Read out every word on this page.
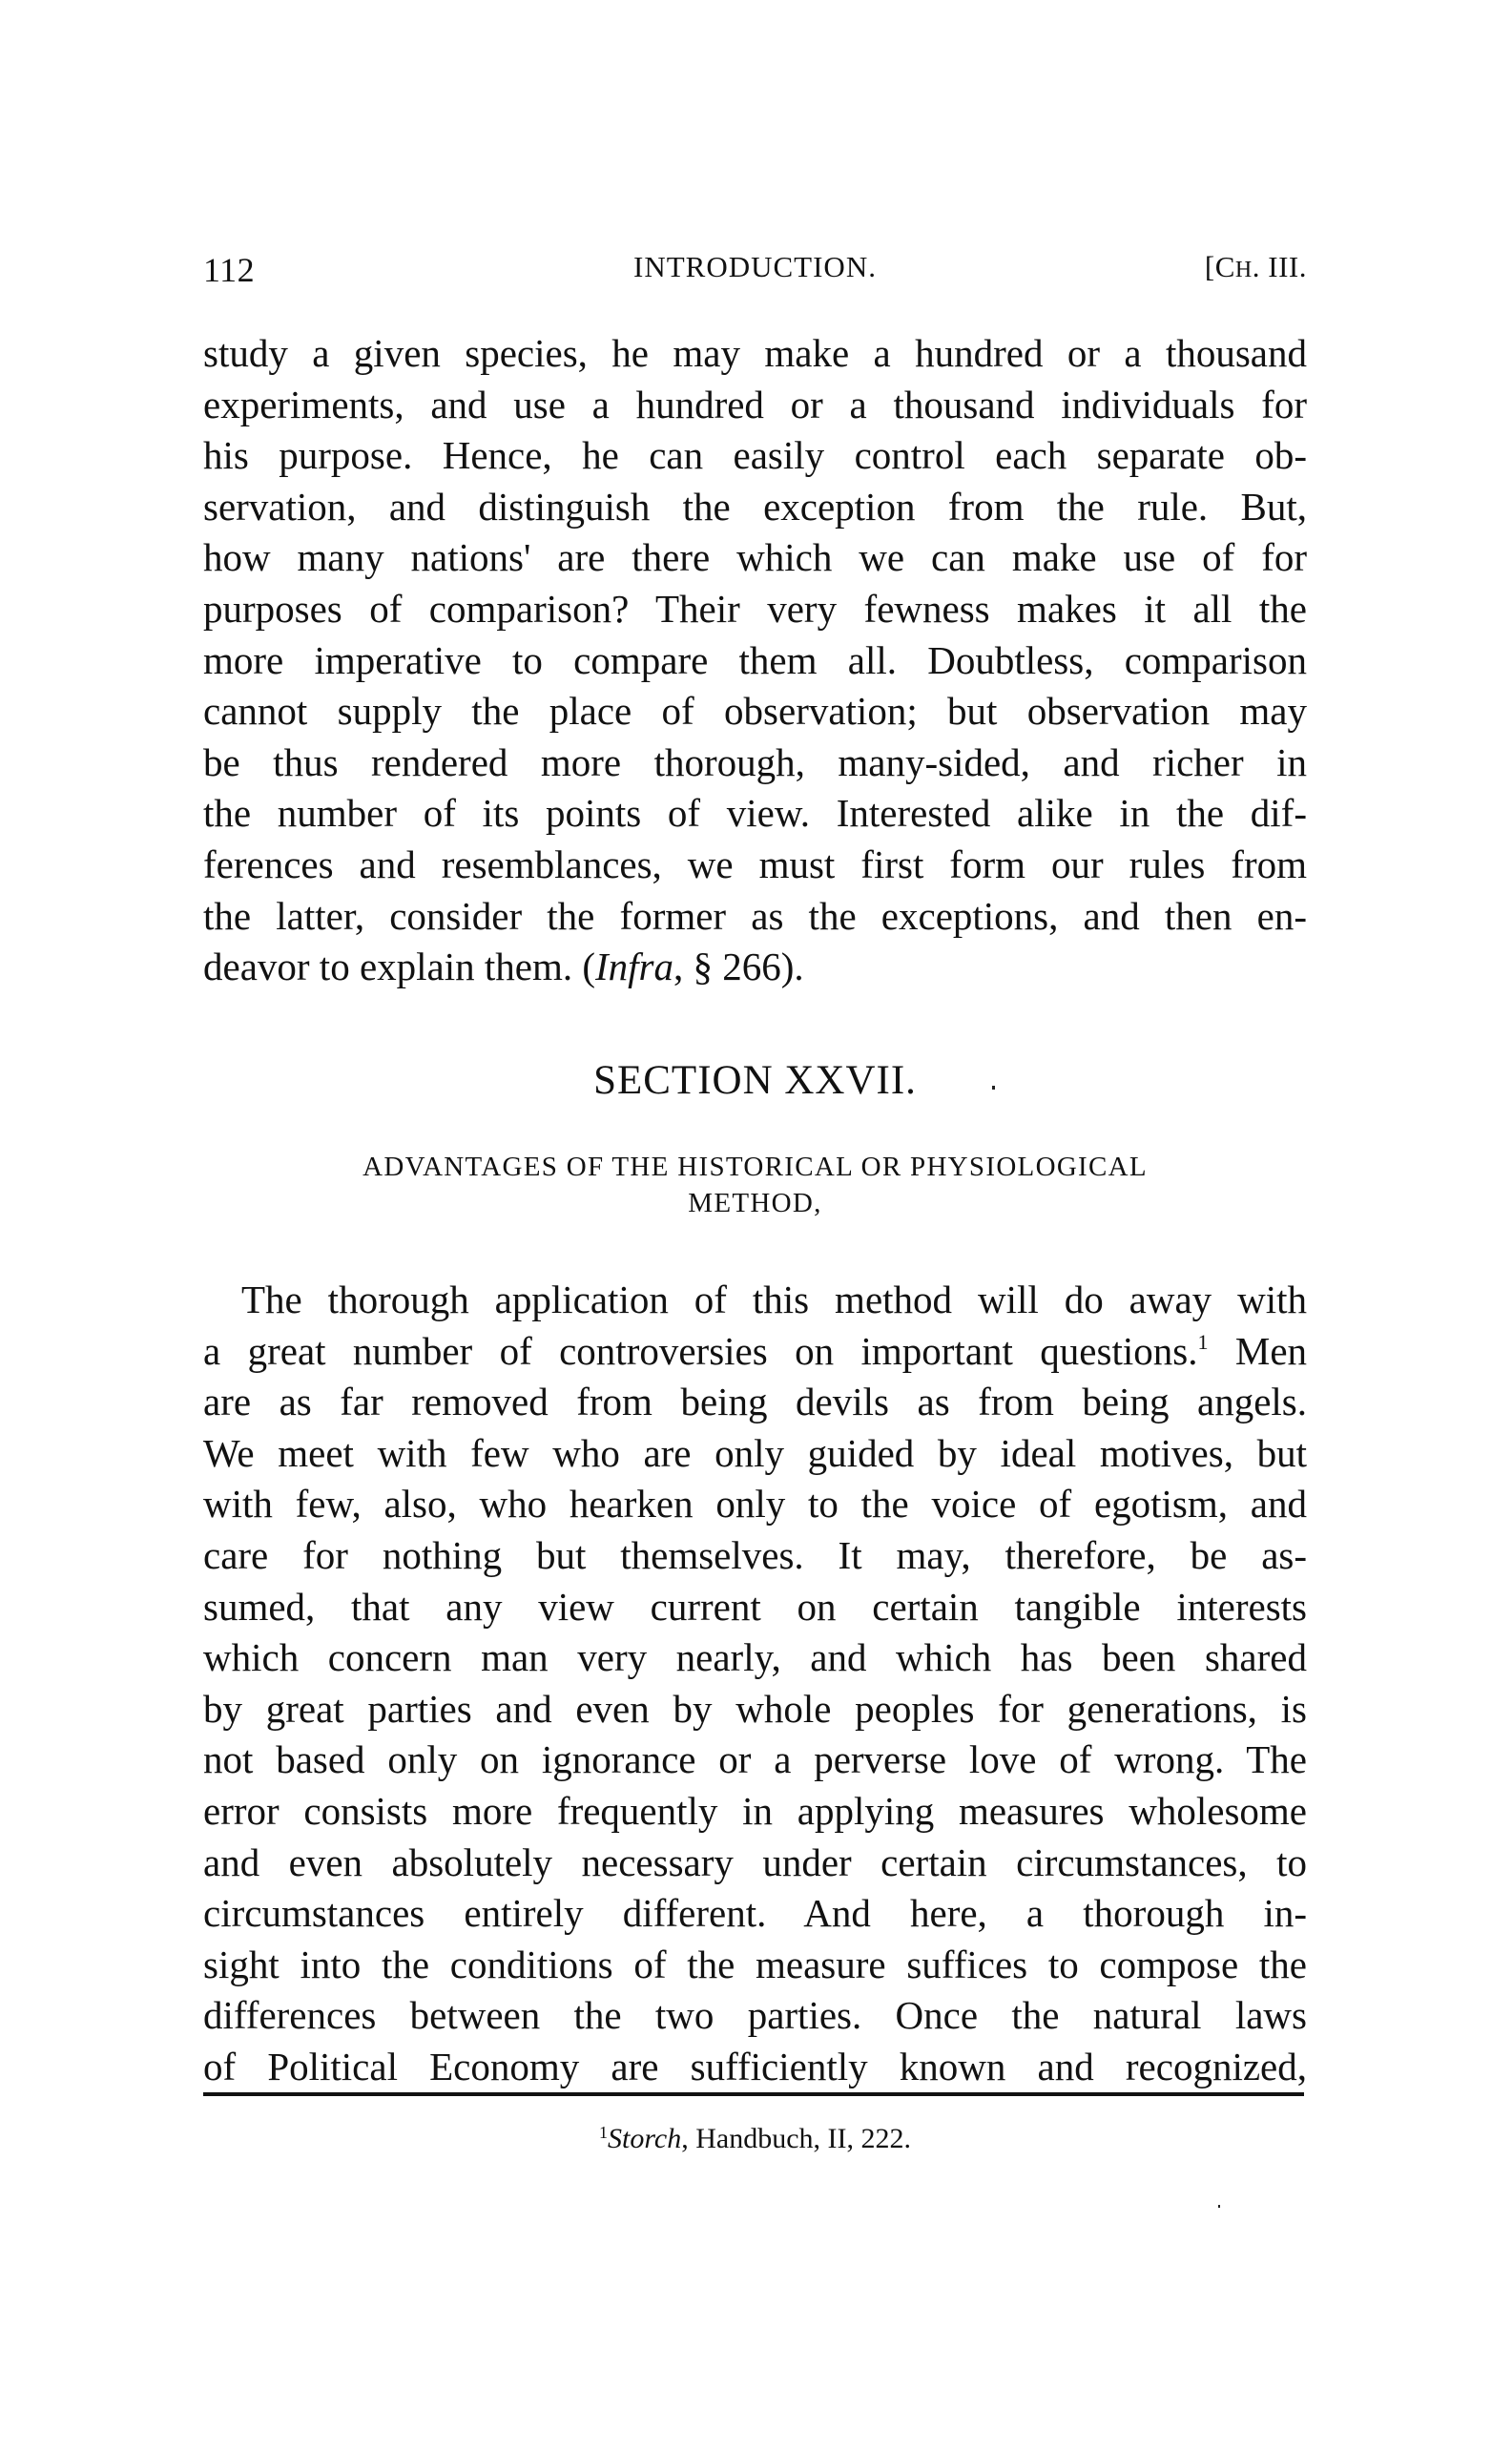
112	INTRODUCTION.	[CH. III.
study a given species, he may make a hundred or a thousand
experiments, and use a hundred or a thousand individuals for
his purpose. Hence, he can easily control each separate ob-
servation, and distinguish the exception from the rule. But,
how many nations' are there which we can make use of for
purposes of comparison? Their very fewness makes it all the
more imperative to compare them all. Doubtless, comparison
cannot supply the place of observation; but observation may
be thus rendered more thorough, many-sided, and richer in
the number of its points of view. Interested alike in the dif-
ferences and resemblances, we must first form our rules from
the latter, consider the former as the exceptions, and then en-
deavor to explain them. (Infra, § 266).
SECTION XXVII.
ADVANTAGES OF THE HISTORICAL OR PHYSIOLOGICAL
METHOD,
The thorough application of this method will do away with
a great number of controversies on important questions.$^1$ Men
are as far removed from being devils as from being angels.
We meet with few who are only guided by ideal motives, but
with few, also, who hearken only to the voice of egotism, and
care for nothing but themselves. It may, therefore, be as-
sumed, that any view current on certain tangible interests
which concern man very nearly, and which has been shared
by great parties and even by whole peoples for generations, is
not based only on ignorance or a perverse love of wrong. The
error consists more frequently in applying measures wholesome
and even absolutely necessary under certain circumstances, to
circumstances entirely different. And here, a thorough in-
sight into the conditions of the measure suffices to compose the
differences between the two parties. Once the natural laws
of Political Economy are sufficiently known and recognized,
$^1$Storch, Handbuch, II, 222.
